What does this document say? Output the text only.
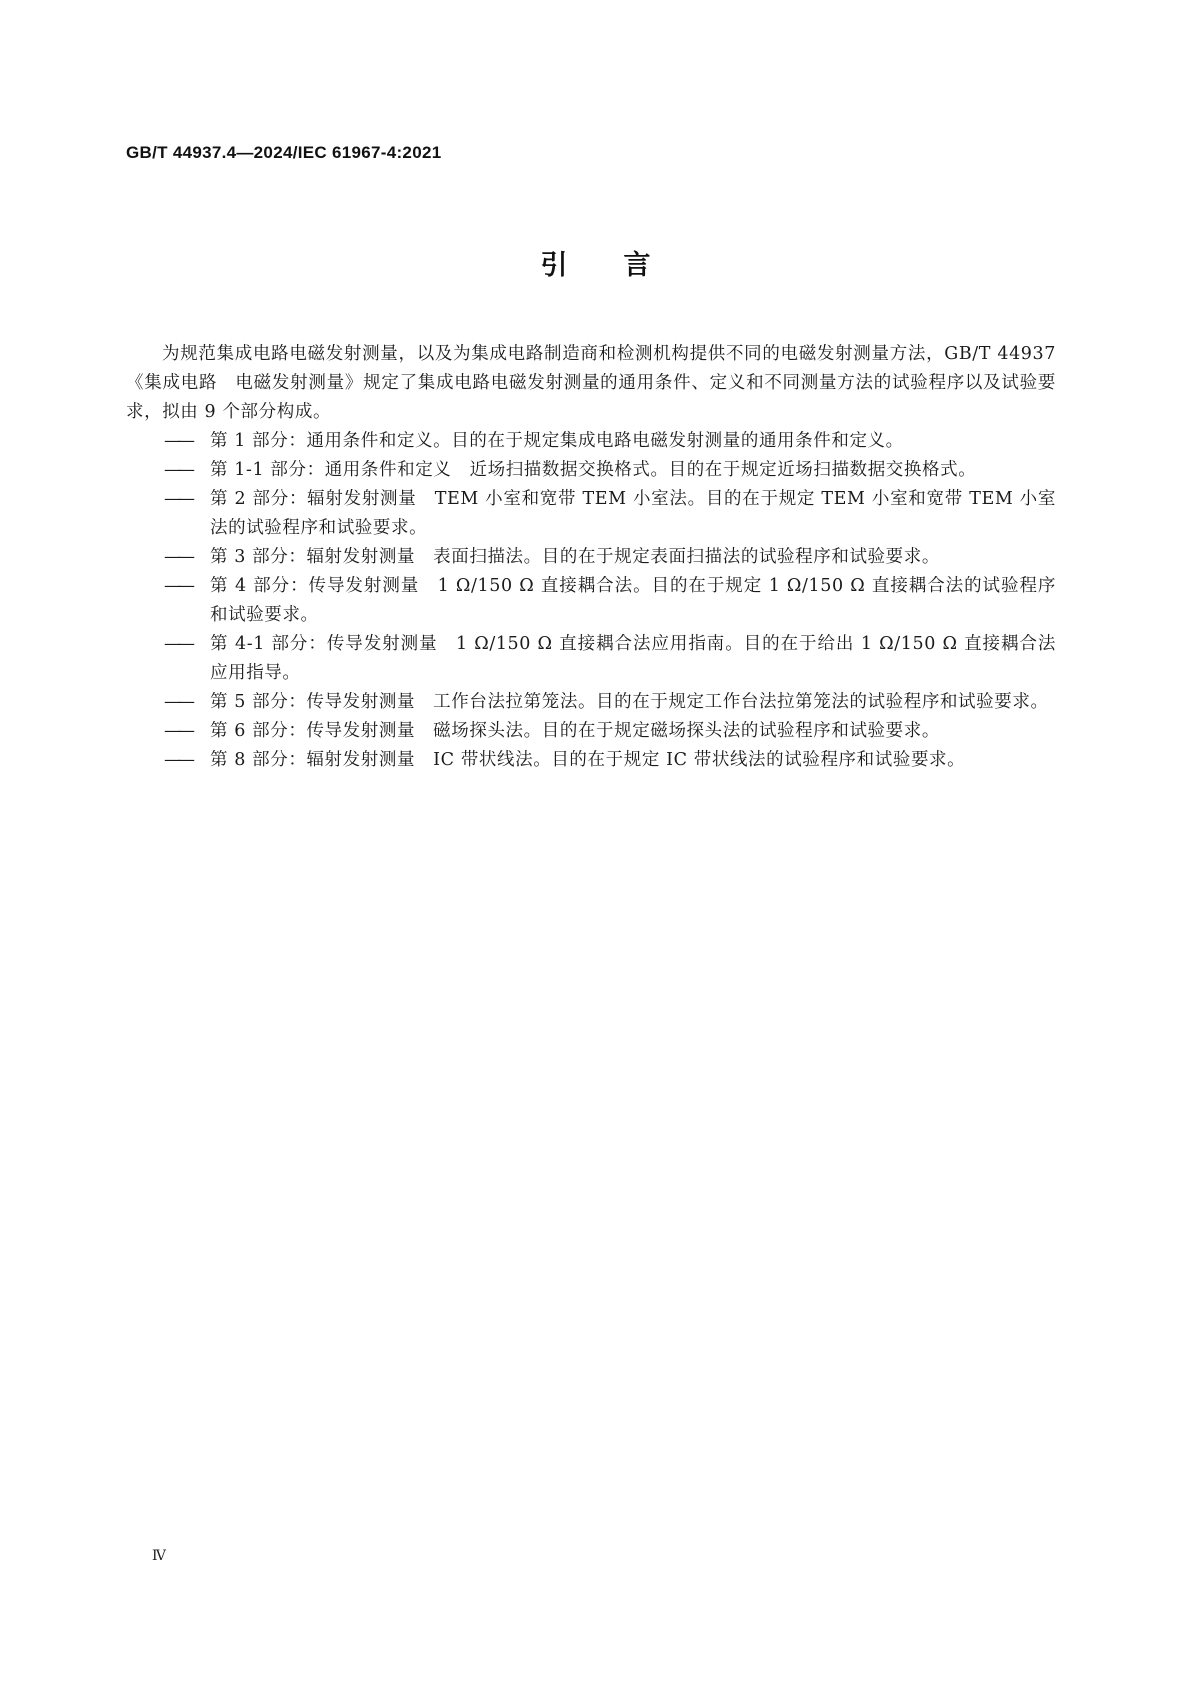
GB/T 44937.4—2024/IEC 61967-4:2021
引言

为规范集成电路电磁发射测量，以及为集成电路制造商和检测机构提供不同的电磁发射测量方法，GB/T 44937《集成电路　电磁发射测量》规定了集成电路电磁发射测量的通用条件、定义和不同测量方法的试验程序以及试验要求，拟由 9 个部分构成。

—— 第 1 部分：通用条件和定义。目的在于规定集成电路电磁发射测量的通用条件和定义。
—— 第 1-1 部分：通用条件和定义　近场扫描数据交换格式。目的在于规定近场扫描数据交换格式。
—— 第 2 部分：辐射发射测量　TEM 小室和宽带 TEM 小室法。目的在于规定 TEM 小室和宽带 TEM 小室法的试验程序和试验要求。
—— 第 3 部分：辐射发射测量　表面扫描法。目的在于规定表面扫描法的试验程序和试验要求。
—— 第 4 部分：传导发射测量　1 Ω/150 Ω 直接耦合法。目的在于规定 1 Ω/150 Ω 直接耦合法的试验程序和试验要求。
—— 第 4-1 部分：传导发射测量　1 Ω/150 Ω 直接耦合法应用指南。目的在于给出 1 Ω/150 Ω 直接耦合法应用指导。
—— 第 5 部分：传导发射测量　工作台法拉第笼法。目的在于规定工作台法拉第笼法的试验程序和试验要求。
—— 第 6 部分：传导发射测量　磁场探头法。目的在于规定磁场探头法的试验程序和试验要求。
—— 第 8 部分：辐射发射测量　IC 带状线法。目的在于规定 IC 带状线法的试验程序和试验要求。
Ⅳ
